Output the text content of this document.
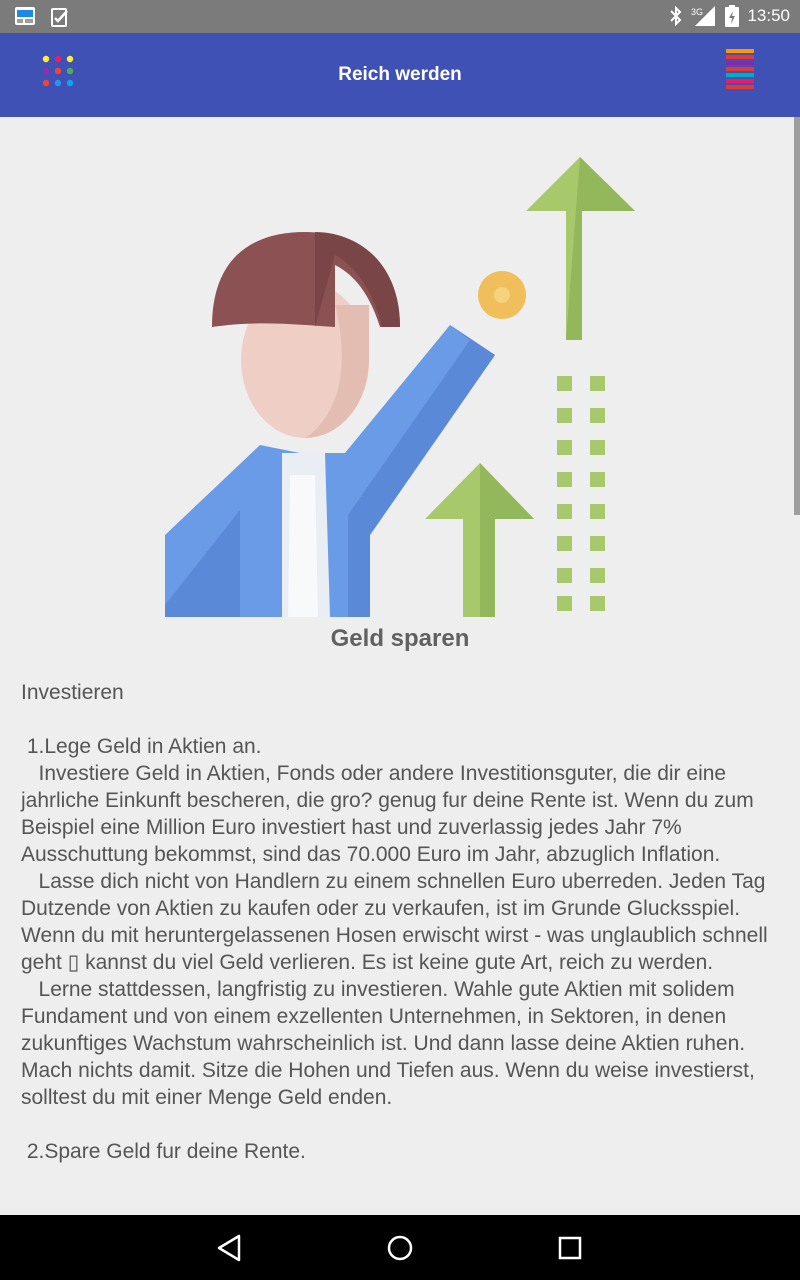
3G	13:50
Reich werden
Geld sparen
Investieren

1.Lege Geld in Aktien an.
Investiere Geld in Aktien, Fonds oder andere Investitionsguter, die dir eine jahrliche Einkunft bescheren, die gro? genug fur deine Rente ist. Wenn du zum Beispiel eine Million Euro investiert hast und zuverlassig jedes Jahr 7% Ausschuttung bekommst, sind das 70.000 Euro im Jahr, abzuglich Inflation.
Lasse dich nicht von Handlern zu einem schnellen Euro uberreden. Jeden Tag Dutzende von Aktien zu kaufen oder zu verkaufen, ist im Grunde Glucksspiel. Wenn du mit heruntergelassenen Hosen erwischt wirst - was unglaublich schnell geht ▯ kannst du viel Geld verlieren. Es ist keine gute Art, reich zu werden.
Lerne stattdessen, langfristig zu investieren. Wahle gute Aktien mit solidem Fundament und von einem exzellenten Unternehmen, in Sektoren, in denen zukunftiges Wachstum wahrscheinlich ist. Und dann lasse deine Aktien ruhen. Mach nichts damit. Sitze die Hohen und Tiefen aus. Wenn du weise investierst, solltest du mit einer Menge Geld enden.

2.Spare Geld fur deine Rente.
